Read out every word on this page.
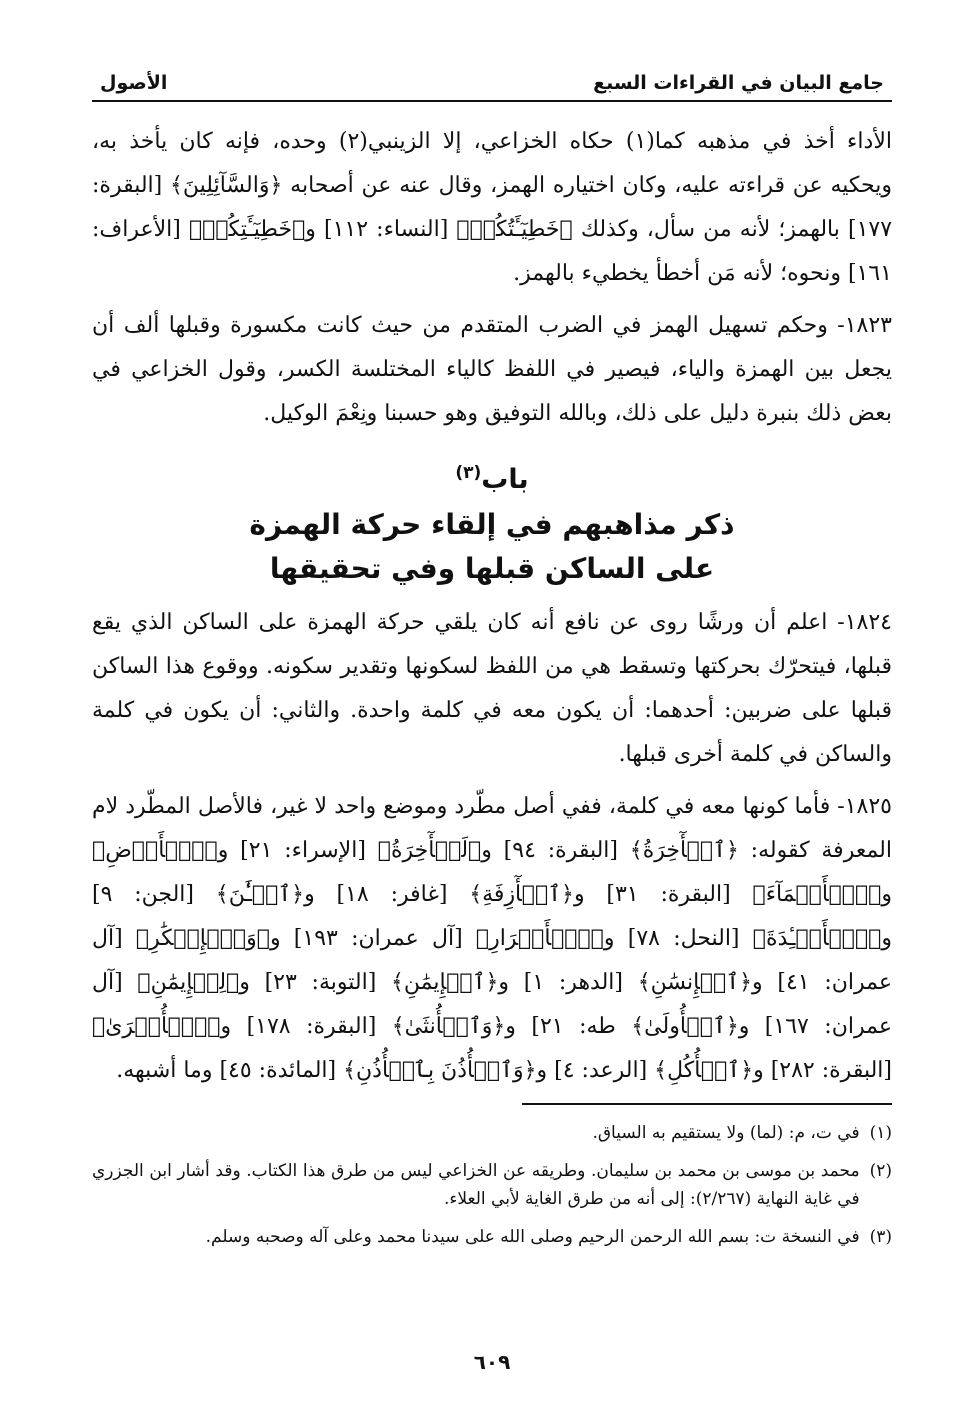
جامع البيان في القراءات السبع
الأصول

الأداء أخذ في مذهبه كما(١) حكاه الخزاعي، إلا الزينبي(٢) وحده، فإنه كان يأخذ به، ويحكيه عن قراءته عليه، وكان اختياره الهمز، وقال عنه عن أصحابه ﴿وَالسَّآئِلِينَ﴾ [البقرة: ١٧٧] بالهمز؛ لأنه من سأل، وكذلك ﴿خَطِيٓـَٔتُكُمۡ﴾ [النساء: ١١٢] و﴿خَطِيٓـَٔتِكُمۡ﴾ [الأعراف: ١٦١] ونحوه؛ لأنه مَن أخطأ يخطيء بالهمز.

١٨٢٣- وحكم تسهيل الهمز في الضرب المتقدم من حيث كانت مكسورة وقبلها ألف أن يجعل بين الهمزة والياء، فيصير في اللفظ كالياء المختلسة الكسر، وقول الخزاعي في بعض ذلك بنبرة دليل على ذلك، وبالله التوفيق وهو حسبنا ونِعْمَ الوكيل.

باب$^{(٣)}$
ذكر مذاهبهم في إلقاء حركة الهمزة
على الساكن قبلها وفي تحقيقها

١٨٢٤- اعلم أن ورشًا روى عن نافع أنه كان يلقي حركة الهمزة على الساكن الذي يقع قبلها، فيتحرّك بحركتها وتسقط هي من اللفظ لسكونها وتقدير سكونه. ووقوع هذا الساكن قبلها على ضربين: أحدهما: أن يكون معه في كلمة واحدة. والثاني: أن يكون في كلمة والساكن في كلمة أخرى قبلها.

١٨٢٥- فأما كونها معه في كلمة، ففي أصل مطّرد وموضع واحد لا غير، فالأصل المطّرد لام المعرفة كقوله: ﴿ٱلۡأٓخِرَةُ﴾ [البقرة: ٩٤] و﴿لَلۡأٓخِرَةُ﴾ [الإسراء: ٢١] و﴿ٱلۡأَرۡضِ﴾ و﴿ٱلۡأَسۡمَآءَ﴾ [البقرة: ٣١] و﴿ٱلۡأٓزِفَةِ﴾ [غافر: ١٨] و﴿ٱلۡـَٰٔنَ﴾ [الجن: ٩] و﴿ٱلۡأَفۡـِٔدَةَ﴾ [النحل: ٧٨] و﴿ٱلۡأَبۡرَارِ﴾ [آل عمران: ١٩٣] و﴿وَٱلۡإِبۡكَٰرِ﴾ [آل عمران: ٤١] و﴿ٱلۡإِنسَٰنِ﴾ [الدهر: ١] و﴿ٱلۡإِيمَٰنِ﴾ [التوبة: ٢٣] و﴿لِلۡإِيمَٰنِ﴾ [آل عمران: ١٦٧] و﴿ٱلۡأُولَىٰ﴾ طه: ٢١] و﴿وَٱلۡأُنثَىٰ﴾ [البقرة: ١٧٨] و﴿ٱلۡأُخۡرَىٰ﴾ [البقرة: ٢٨٢] و﴿ٱلۡأُكُلِ﴾ [الرعد: ٤] و﴿وَٱلۡأُذُنَ بِٱلۡأُذُنِ﴾ [المائدة: ٤٥] وما أشبهه.

(١)
في ت، م: (لما) ولا يستقيم به السياق.
(٢)
محمد بن موسى بن محمد بن سليمان. وطريقه عن الخزاعي ليس من طرق هذا الكتاب. وقد أشار ابن الجزري في غاية النهاية (٢/٢٦٧): إلى أنه من طرق الغاية لأبي العلاء.
(٣)
في النسخة ت: بسم الله الرحمن الرحيم وصلى الله على سيدنا محمد وعلى آله وصحبه وسلم.
٦٠٩
